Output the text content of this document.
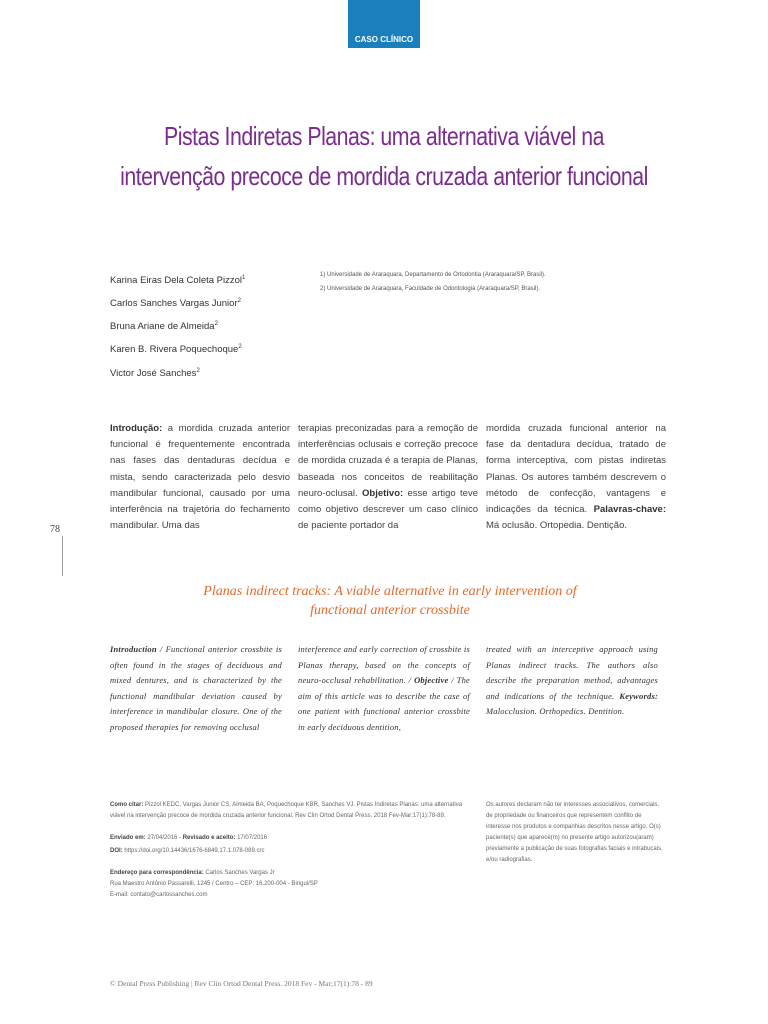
CASO CLÍNICO
Pistas Indiretas Planas: uma alternativa viável na
intervenção precoce de mordida cruzada anterior funcional
Karina Eiras Dela Coleta Pizzol$^1$
Carlos Sanches Vargas Junior$^2$
Bruna Ariane de Almeida$^2$
Karen B. Rivera Poquechoque$^2$
Victor José Sanches$^2$
1) Universidade de Araraquara, Departamento de Ortodontia (Araraquara/SP, Brasil).
2) Universidade de Araraquara, Faculdade de Odontologia (Araraquara/SP, Brasil).
Introdução: a mordida cruzada anterior funcional é frequentemente encontrada nas fases das dentaduras decídua e mista, sendo caracterizada pelo desvio mandibular funcional, causado por uma interferência na trajetória do fechamento mandibular. Uma das
terapias preconizadas para a remoção de interferências oclusais e correção precoce de mordida cruzada é a terapia de Planas, baseada nos conceitos de reabilitação neuro-oclusal. Objetivo: esse artigo teve como objetivo descrever um caso clínico de paciente portador da
mordida cruzada funcional anterior na fase da dentadura decídua, tratado de forma interceptiva, com pistas indiretas Planas. Os autores também descrevem o método de confecção, vantagens e indicações da técnica. Palavras-chave: Má oclusão. Ortopedia. Dentição.
78
Planas indirect tracks: A viable alternative in early intervention of
functional anterior crossbite
Introduction / Functional anterior crossbite is often found in the stages of deciduous and mixed dentures, and is characterized by the functional mandibular deviation caused by interference in mandibular closure. One of the proposed therapies for removing occlusal
interference and early correction of crossbite is Planas therapy, based on the concepts of neuro-occlusal rehabilitation. / Objective / The aim of this article was to describe the case of one patient with functional anterior crossbite in early deciduous dentition,
treated with an interceptive approach using Planas indirect tracks. The authors also describe the preparation method, advantages and indications of the technique. Keywords: Malocclusion. Orthopedics. Dentition.

Como citar: Pizzol KEDC, Vargas Junior CS, Almeida BA, Poquechoque KBR, Sanches VJ. Pistas Indiretas Planas: uma alternativa viável na intervenção precoce de mordida cruzada anterior funcional. Rev Clin Ortod Dental Press. 2018 Fev-Mar;17(1):78-89.

Enviado em: 27/04/2016 - Revisado e aceito: 17/07/2016

DOI: https://doi.org/10.14436/1676-6849.17.1.078-089.crc

Endereço para correspondência: Carlos Sanches Vargas Jr
Rua Maestro Antônio Passarelli, 1245 / Centro – CEP: 16.200-004 - Birigui/SP
E-mail: contato@carlossanches.com

Os autores declaram não ter interesses associativos, comerciais, de propriedade ou financeiros que representem conflito de interesse nos produtos e companhias descritos nesse artigo. O(s) paciente(s) que aparece(m) no presente artigo autorizou(aram) previamente a publicação de suas fotografias faciais e intrabucais, e/ou radiografias.
© Dental Press Publishing | Rev Clin Ortod Dental Press. 2018 Fev - Mar;17(1):78 - 89
